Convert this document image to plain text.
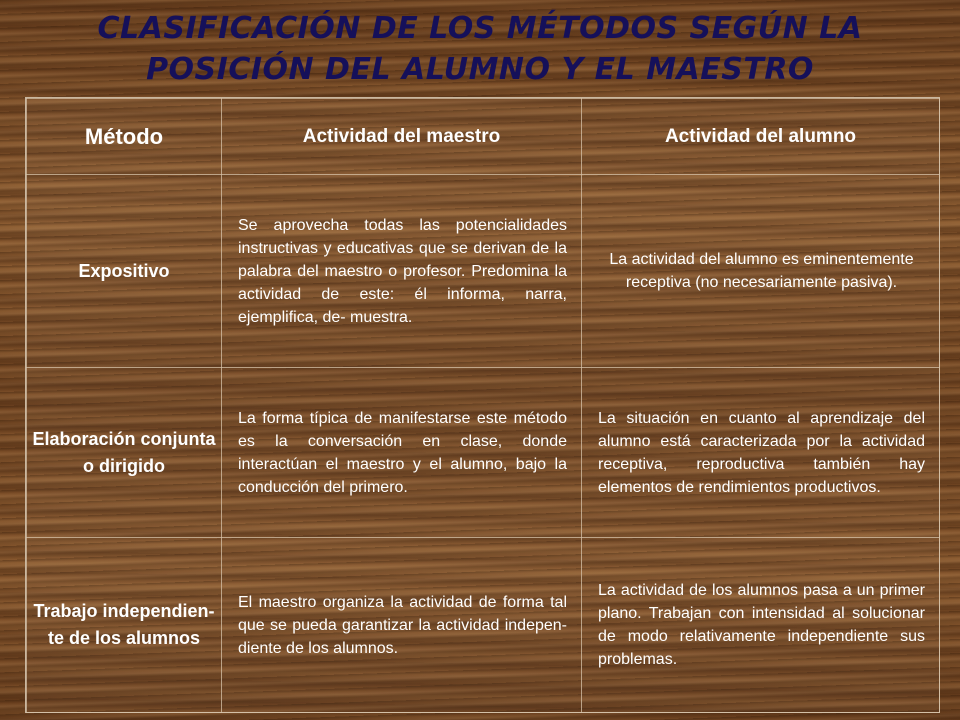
CLASIFICACIÓN DE LOS MÉTODOS SEGÚN LA
POSICIÓN DEL ALUMNO Y EL MAESTRO
Método	Actividad del maestro	Actividad del alumno
Expositivo	Se aprovecha todas las potencialidades instructivas y educativas que se derivan de la palabra del maestro o profesor. Predomina la actividad de este: él informa, narra, ejemplifica, de- muestra.	La actividad del alumno es eminentemente receptiva (no necesariamente pasiva).
Elaboración conjunta o dirigido	La forma típica de manifestarse este método es la conversación en clase, donde interactúan el maestro y el alumno, bajo la conducción del primero.	La situación en cuanto al aprendizaje del alumno está caracterizada por la actividad receptiva, reproductiva también hay elementos de rendimientos productivos.
Trabajo independien- te de los alumnos	El maestro organiza la actividad de forma tal que se pueda garantizar la actividad indepen- diente de los alumnos.	La actividad de los alumnos pasa a un primer plano. Trabajan con intensidad al solucionar de modo relativamente independiente sus problemas.
